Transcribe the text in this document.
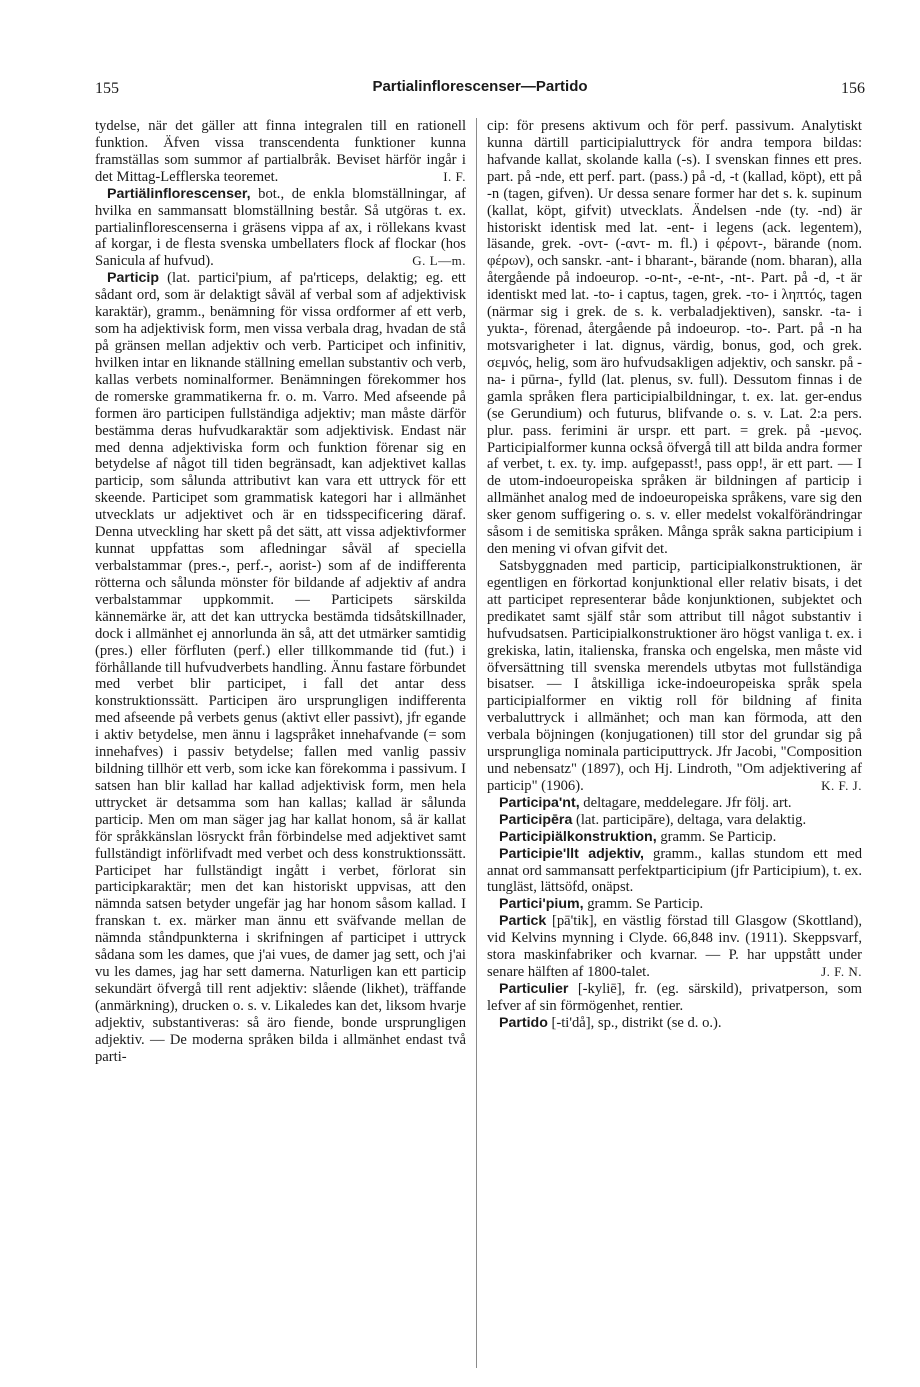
155	Partialinflorescenser—Partido	156

tydelse, när det gäller att finna integralen till en rationell funktion. Äfven vissa transcendenta funktioner kunna framställas som summor af partialbråk. Beviset härför ingår i det Mittag-Lefflerska teoremet.	I. F.

Partiälinflorescenser, bot., de enkla blomställningar, af hvilka en sammansatt blomställning består. Så utgöras t. ex. partialinflorescenserna i gräsens vippa af ax, i röllekans kvast af korgar, i de flesta svenska umbellaters flock af flockar (hos Sanicula af hufvud).	G. L—m.

Particip (lat. partici'pium, af pa'rticeps, delaktig; eg. ett sådant ord, som är delaktigt såväl af verbal som af adjektivisk karaktär), gramm., benämning för vissa ordformer af ett verb, som ha adjektivisk form, men vissa verbala drag, hvadan de stå på gränsen mellan adjektiv och verb. Participet och infinitiv, hvilken intar en liknande ställning emellan substantiv och verb, kallas verbets nominalformer. Benämningen förekommer hos de romerske grammatikerna fr. o. m. Varro. Med afseende på formen äro participen fullständiga adjektiv; man måste därför bestämma deras hufvudkaraktär som adjektivisk. Endast när med denna adjektiviska form och funktion förenar sig en betydelse af något till tiden begränsadt, kan adjektivet kallas particip, som sålunda attributivt kan vara ett uttryck för ett skeende. Participet som grammatisk kategori har i allmänhet utvecklats ur adjektivet och är en tidsspecificering däraf. Denna utveckling har skett på det sätt, att vissa adjektivformer kunnat uppfattas som afledningar såväl af speciella verbalstammar (pres.-, perf.-, aorist-) som af de indifferenta rötterna och sålunda mönster för bildande af adjektiv af andra verbalstammar uppkommit. — Participets särskilda kännemärke är, att det kan uttrycka bestämda tidsåtskillnader, dock i allmänhet ej annorlunda än så, att det utmärker samtidig (pres.) eller förfluten (perf.) eller tillkommande tid (fut.) i förhållande till hufvudverbets handling. Ännu fastare förbundet med verbet blir participet, i fall det antar dess konstruktionssätt. Participen äro ursprungligen indifferenta med afseende på verbets genus (aktivt eller passivt), jfr egande i aktiv betydelse, men ännu i lagspråket innehafvande (= som innehafves) i passiv betydelse; fallen med vanlig passiv bildning tillhör ett verb, som icke kan förekomma i passivum. I satsen han blir kallad har kallad adjektivisk form, men hela uttrycket är detsamma som han kallas; kallad är sålunda particip. Men om man säger jag har kallat honom, så är kallat för språkkänslan lösryckt från förbindelse med adjektivet samt fullständigt införlifvadt med verbet och dess konstruktionssätt. Participet har fullständigt ingått i verbet, förlorat sin participkaraktär; men det kan historiskt uppvisas, att den nämnda satsen betyder ungefär jag har honom såsom kallad. I franskan t. ex. märker man ännu ett sväfvande mellan de nämnda ståndpunkterna i skrifningen af participet i uttryck sådana som les dames, que j'ai vues, de damer jag sett, och j'ai vu les dames, jag har sett damerna. Naturligen kan ett particip sekundärt öfvergå till rent adjektiv: slående (likhet), träffande (anmärkning), drucken o. s. v. Likaledes kan det, liksom hvarje adjektiv, substantiveras: så äro fiende, bonde ursprungligen adjektiv. — De moderna språken bilda i allmänhet endast två parti-

cip: för presens aktivum och för perf. passivum. Analytiskt kunna därtill participialuttryck för andra tempora bildas: hafvande kallat, skolande kalla (-s). I svenskan finnes ett pres. part. på -nde, ett perf. part. (pass.) på -d, -t (kallad, köpt), ett på -n (tagen, gifven). Ur dessa senare former har det s. k. supinum (kallat, köpt, gifvit) utvecklats. Ändelsen -nde (ty. -nd) är historiskt identisk med lat. -ent- i legens (ack. legentem), läsande, grek. -οντ- (-αντ- m. fl.) i φέροντ-, bärande (nom. φέρων), och sanskr. -ant- i bharant-, bärande (nom. bharan), alla återgående på indoeurop. -o-nt-, -e-nt-, -nt-. Part. på -d, -t är identiskt med lat. -to- i captus, tagen, grek. -το- i ληπτός, tagen (närmar sig i grek. de s. k. verbaladjektiven), sanskr. -ta- i yukta-, förenad, återgående på indoeurop. -to-. Part. på -n ha motsvarigheter i lat. dignus, värdig, bonus, god, och grek. σεμνός, helig, som äro hufvudsakligen adjektiv, och sanskr. på -na- i pūrna-, fylld (lat. plenus, sv. full). Dessutom finnas i de gamla språken flera participialbildningar, t. ex. lat. ger-endus (se Gerundium) och futurus, blifvande o. s. v. Lat. 2:a pers. plur. pass. ferimini är urspr. ett part. = grek. på -μενος. Participialformer kunna också öfvergå till att bilda andra former af verbet, t. ex. ty. imp. aufgepasst!, pass opp!, är ett part. — I de utom-indoeuropeiska språken är bildningen af particip i allmänhet analog med de indoeuropeiska språkens, vare sig den sker genom suffigering o. s. v. eller medelst vokalförändringar såsom i de semitiska språken. Många språk sakna participium i den mening vi ofvan gifvit det.

Satsbyggnaden med particip, participialkonstruktionen, är egentligen en förkortad konjunktional eller relativ bisats, i det att participet representerar både konjunktionen, subjektet och predikatet samt själf står som attribut till något substantiv i hufvudsatsen. Participialkonstruktioner äro högst vanliga t. ex. i grekiska, latin, italienska, franska och engelska, men måste vid öfversättning till svenska merendels utbytas mot fullständiga bisatser. — I åtskilliga icke-indoeuropeiska språk spela participialformer en viktig roll för bildning af finita verbaluttryck i allmänhet; och man kan förmoda, att den verbala böjningen (konjugationen) till stor del grundar sig på ursprungliga nominala participuttryck. Jfr Jacobi, "Composition und nebensatz" (1897), och Hj. Lindroth, "Om adjektivering af particip" (1906).	K. F. J.

Participa'nt, deltagare, meddelegare. Jfr följ. art.

Participēra (lat. participāre), deltaga, vara delaktig.

Participiälkonstruktion, gramm. Se Particip.

Participie'llt adjektiv, gramm., kallas stundom ett med annat ord sammansatt perfektparticipium (jfr Participium), t. ex. tungläst, lättsöfd, onäpst.

Partici'pium, gramm. Se Particip.

Partick [pā'tik], en västlig förstad till Glasgow (Skottland), vid Kelvins mynning i Clyde. 66,848 inv. (1911). Skeppsvarf, stora maskinfabriker och kvarnar. — P. har uppstått under senare hälften af 1800-talet.	J. F. N.

Particulier [-kyliē], fr. (eg. särskild), privatperson, som lefver af sin förmögenhet, rentier.

Partido [-ti'då], sp., distrikt (se d. o.).
